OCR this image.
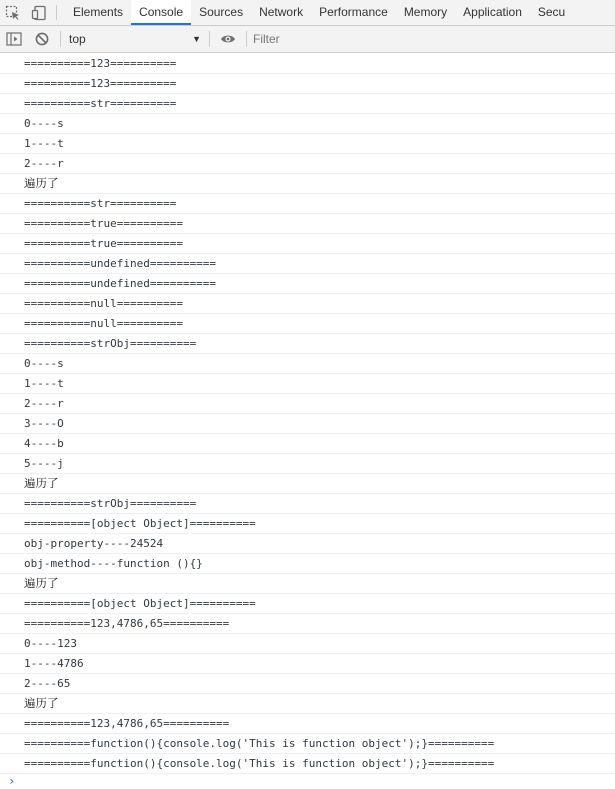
Elements	Console	Sources	Network	Performance	Memory	Application	Secu
top	▼
Filter
==========123==========
==========123==========
==========str==========
0----s
1----t
2----r
遍历了
==========str==========
==========true==========
==========true==========
==========undefined==========
==========undefined==========
==========null==========
==========null==========
==========strObj==========
0----s
1----t
2----r
3----O
4----b
5----j
遍历了
==========strObj==========
==========[object Object]==========
obj-property----24524
obj-method----function (){}
遍历了
==========[object Object]==========
==========123,4786,65==========
0----123
1----4786
2----65
遍历了
==========123,4786,65==========
==========function(){console.log('This is function object');}==========
==========function(){console.log('This is function object');}==========
›
